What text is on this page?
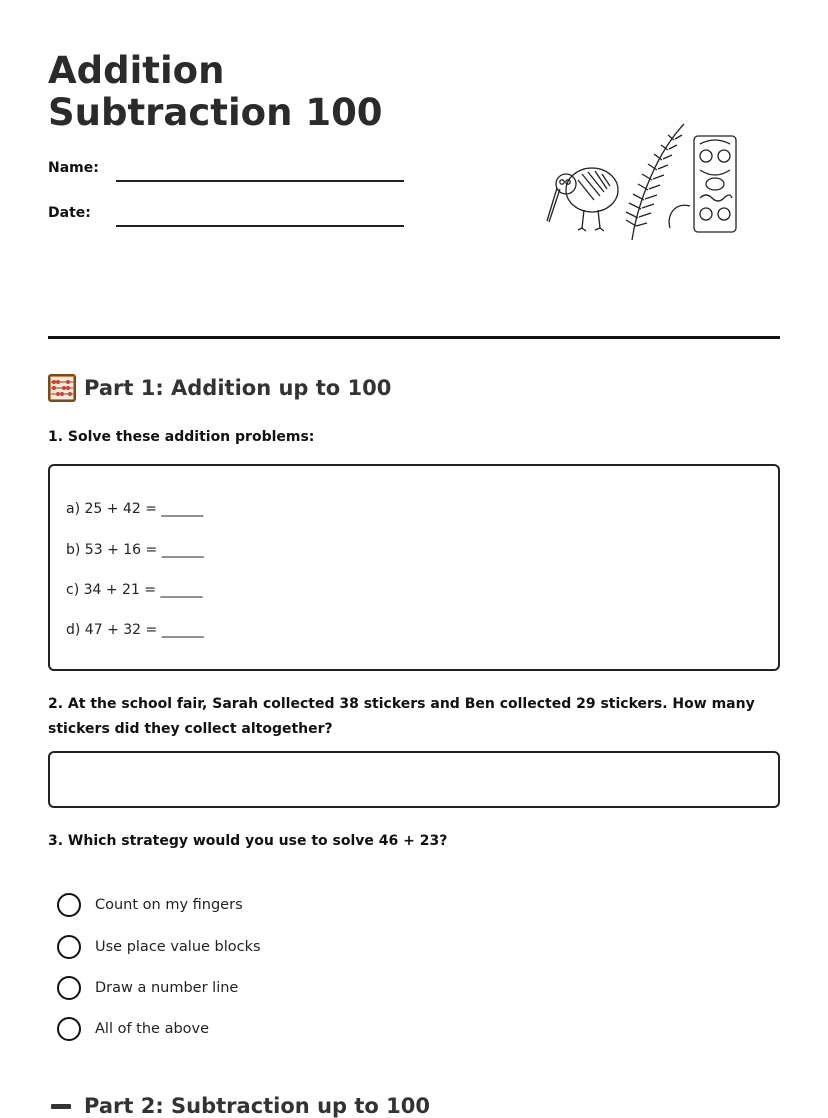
Addition Subtraction 100
Name:
Date:
Part 1: Addition up to 100
1. Solve these addition problems:
a) 25 + 42 = ______
b) 53 + 16 = ______
c) 34 + 21 = ______
d) 47 + 32 = ______
2. At the school fair, Sarah collected 38 stickers and Ben collected 29 stickers. How many stickers did they collect altogether?
3. Which strategy would you use to solve 46 + 23?
Count on my fingers
Use place value blocks
Draw a number line
All of the above
Part 2: Subtraction up to 100
